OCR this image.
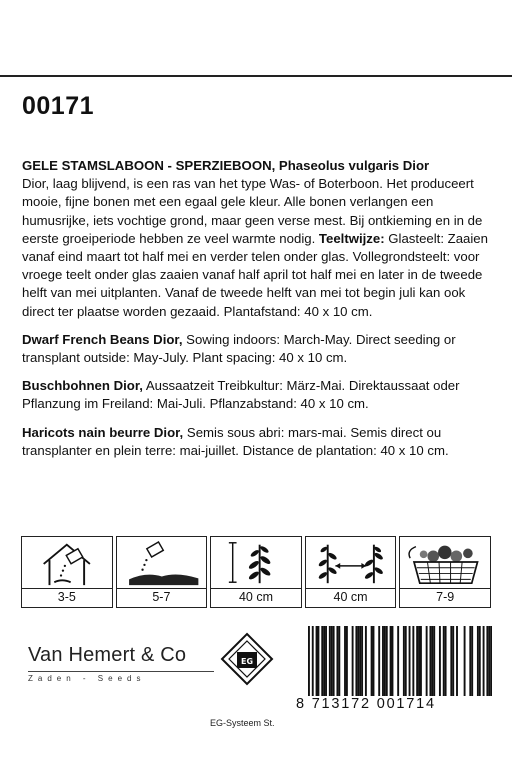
00171

GELE STAMSLABOON - SPERZIEBOON, Phaseolus vulgaris Dior
Dior, laag blijvend, is een ras van het type Was- of Boterboon. Het produceert mooie, fijne bonen met een egaal gele kleur. Alle bonen verlangen een humusrijke, iets vochtige grond, maar geen verse mest. Bij ontkieming en in de eerste groeiperiode hebben ze veel warmte nodig. Teeltwijze: Glasteelt: Zaaien vanaf eind maart tot half mei en verder telen onder glas. Vollegrondsteelt: voor vroege teelt onder glas zaaien vanaf half april tot half mei en later in de tweede helft van mei uitplanten. Vanaf de tweede helft van mei tot begin juli kan ook direct ter plaatse worden gezaaid. Plantafstand: 40 x 10 cm.

Dwarf French Beans Dior, Sowing indoors: March-May. Direct seeding or transplant outside: May-July. Plant spacing: 40 x 10 cm.

Buschbohnen Dior, Aussaatzeit Treibkultur: März-Mai. Direktaussaat oder Pflanzung im Freiland: Mai-Juli. Pflanzabstand: 40 x 10 cm.

Haricots nain beurre Dior, Semis sous abri: mars-mai. Semis direct ou transplanter en plein terre: mai-juillet. Distance de plantation: 40 x 10 cm.

3-5	5-7	40 cm	40 cm	7-9
Van Hemert & Co
Zaden - Seeds
EG
EG-Systeem St.
8 713172 001714
